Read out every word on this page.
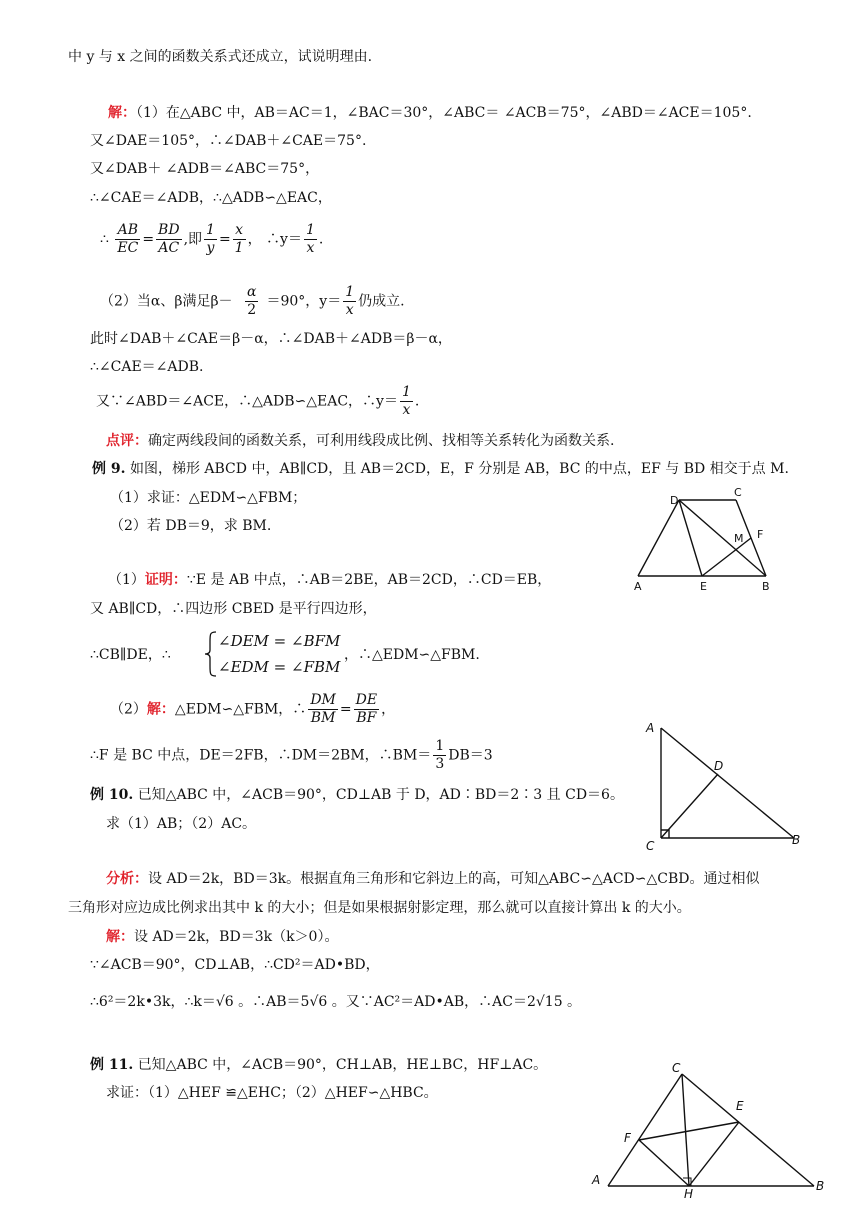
中 y 与 x 之间的函数关系式还成立，试说明理由.
解：（1）在△ABC 中，AB＝AC＝1，∠BAC＝30°，∠ABC＝ ∠ACB＝75°，∠ABD＝∠ACE＝105°.
又∠DAE＝105°，∴∠DAB＋∠CAE＝75°.
又∠DAB＋ ∠ADB＝∠ABC＝75°，
∴∠CAE＝∠ADB，∴△ADB∽△EAC，
∴ $\frac{AB}{EC} = \frac{BD}{AC}$ ,即 $\frac{1}{y} = \frac{x}{1}$ ， ∴y＝ $\frac{1}{x}$ .
（2）当α、β满足$\beta- \frac{\alpha}{2} =90^\circ$，$y= \frac{1}{x}$ 仍成立.
此时∠DAB＋∠CAE＝β－α，∴∠DAB＋∠ADB＝β－α，
∴∠CAE＝∠ADB.
又∵∠ABD＝∠ACE，∴△ADB∽△EAC，∴y＝ $\frac{1}{x}$ .
点评：确定两线段间的函数关系，可利用线段成比例、找相等关系转化为函数关系.
例 9. 如图，梯形 ABCD 中，AB∥CD，且 AB＝2CD，E，F 分别是 AB，BC 的中点，EF 与 BD 相交于点 M.
（1）求证：△EDM∽△FBM；
（2）若 DB＝9，求 BM.
A	B
C
D
E
F
M
（1）证明：∵E 是 AB 中点，∴AB＝2BE，AB＝2CD，∴CD＝EB，
又 AB∥CD，∴四边形 CBED 是平行四边形，
∴CB∥DE，∴
∠DEM = ∠BFM
∠EDM = ∠FBM
，∴△EDM∽△FBM.
（2）解：△EDM∽△FBM，∴ $\frac{DM}{BM} = \frac{DE}{BF}$ ，
∴F 是 BC 中点，DE＝2FB，∴DM＝2BM，∴BM＝ $\frac{1}{3} DB=3$
A
B
C
D
例 10. 已知△ABC 中，∠ACB＝90°，CD⊥AB 于 D，AD∶BD＝2∶3 且 CD＝6。
求（1）AB；（2）AC。
分析：设 AD＝2k，BD＝3k。根据直角三角形和它斜边上的高，可知△ABC∽△ACD∽△CBD。通过相似
三角形对应边成比例求出其中 k 的大小；但是如果根据射影定理，那么就可以直接计算出 k 的大小。
解：设 AD＝2k，BD＝3k（k＞0）。
∵∠ACB＝90°，CD⊥AB，∴CD²＝AD•BD，
∴6²＝2k•3k，∴k＝√6 。∴AB＝5√6 。又∵AC²＝AD•AB，∴AC＝2√15 。
例 11. 已知△ABC 中，∠ACB＝90°，CH⊥AB，HE⊥BC，HF⊥AC。
求证：（1）△HEF ≌△EHC；（2）△HEF∽△HBC。
A	B
C
E
F
H
